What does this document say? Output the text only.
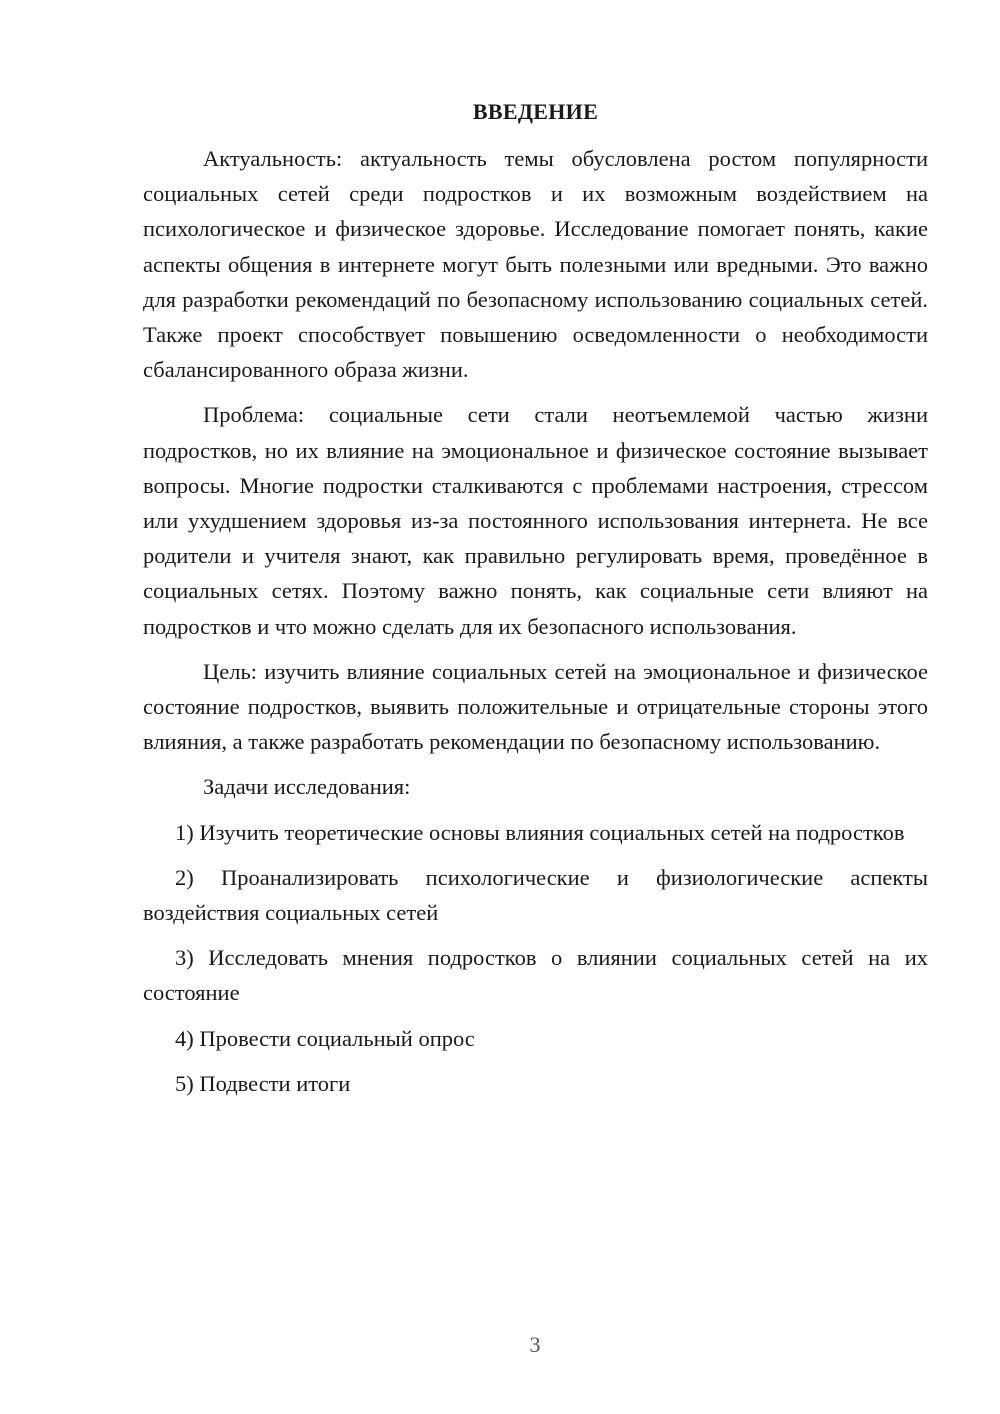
ВВЕДЕНИЕ

Актуальность: актуальность темы обусловлена ростом популярности социальных сетей среди подростков и их возможным воздействием на психологическое и физическое здоровье. Исследование помогает понять, какие аспекты общения в интернете могут быть полезными или вредными. Это важно для разработки рекомендаций по безопасному использованию социальных сетей. Также проект способствует повышению осведомленности о необходимости сбалансированного образа жизни.

Проблема: социальные сети стали неотъемлемой частью жизни подростков, но их влияние на эмоциональное и физическое состояние вызывает вопросы. Многие подростки сталкиваются с проблемами настроения, стрессом или ухудшением здоровья из-за постоянного использования интернета. Не все родители и учителя знают, как правильно регулировать время, проведённое в социальных сетях. Поэтому важно понять, как социальные сети влияют на подростков и что можно сделать для их безопасного использования.

Цель: изучить влияние социальных сетей на эмоциональное и физическое состояние подростков, выявить положительные и отрицательные стороны этого влияния, а также разработать рекомендации по безопасному использованию.

Задачи исследования:

1) Изучить теоретические основы влияния социальных сетей на подростков

2) Проанализировать психологические и физиологические аспекты воздействия социальных сетей

3) Исследовать мнения подростков о влиянии социальных сетей на их состояние

4) Провести социальный опрос

5) Подвести итоги

3
